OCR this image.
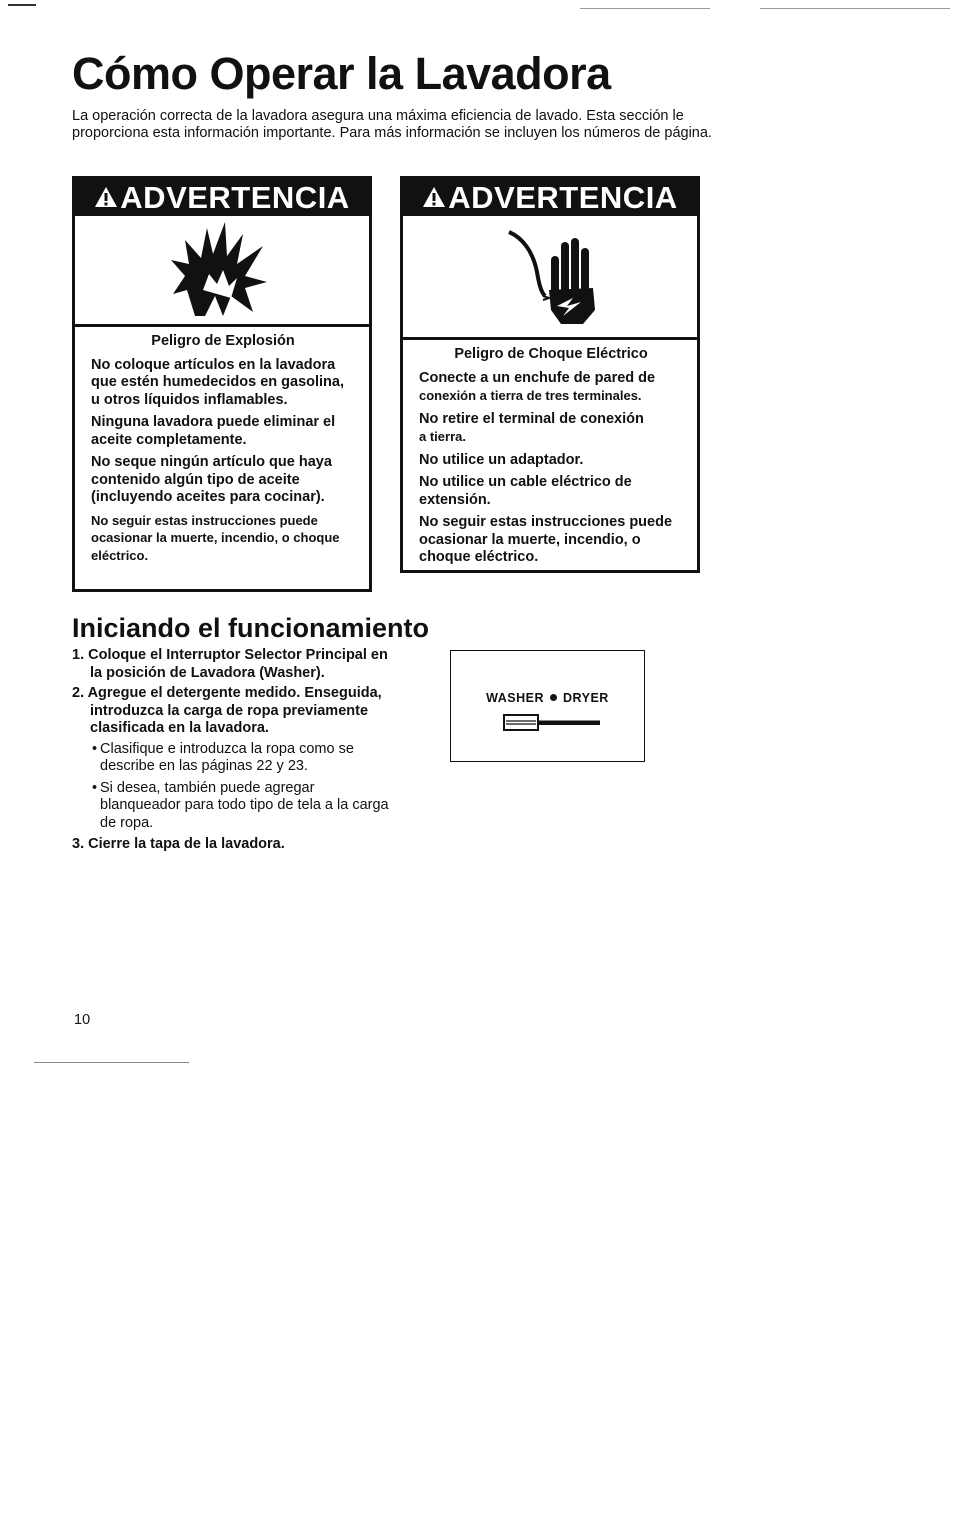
Cómo Operar la Lavadora

La operación correcta de la lavadora asegura una máxima eficiencia de lavado. Esta sección le proporciona esta información importante. Para más información se incluyen los números de página.

ADVERTENCIA
Peligro de Explosión

No coloque artículos en la lavadora que estén humedecidos en gasolina, u otros líquidos inflamables.

Ninguna lavadora puede eliminar el aceite completamente.

No seque ningún artículo que haya contenido algún tipo de aceite (incluyendo aceites para cocinar).

No seguir estas instrucciones puede ocasionar la muerte, incendio, o choque eléctrico.

ADVERTENCIA
Peligro de Choque Eléctrico

Conecte a un enchufe de pared de
conexión a tierra de tres terminales.

No retire el terminal de conexión
a tierra.

No utilice un adaptador.

No utilice un cable eléctrico de extensión.

No seguir estas instrucciones puede ocasionar la muerte, incendio, o choque eléctrico.

Iniciando el funcionamiento

1. Coloque el Interruptor Selector Principal en la posición de Lavadora (Washer).

2. Agregue el detergente medido. Enseguida, introduzca la carga de ropa previamente clasificada en la lavadora.

• Clasifique e introduzca la ropa como se describe en las páginas 22 y 23.

• Si desea, también puede agregar blanqueador para todo tipo de tela a la carga de ropa.

3. Cierre la tapa de la lavadora.

WASHER DRYER
10
